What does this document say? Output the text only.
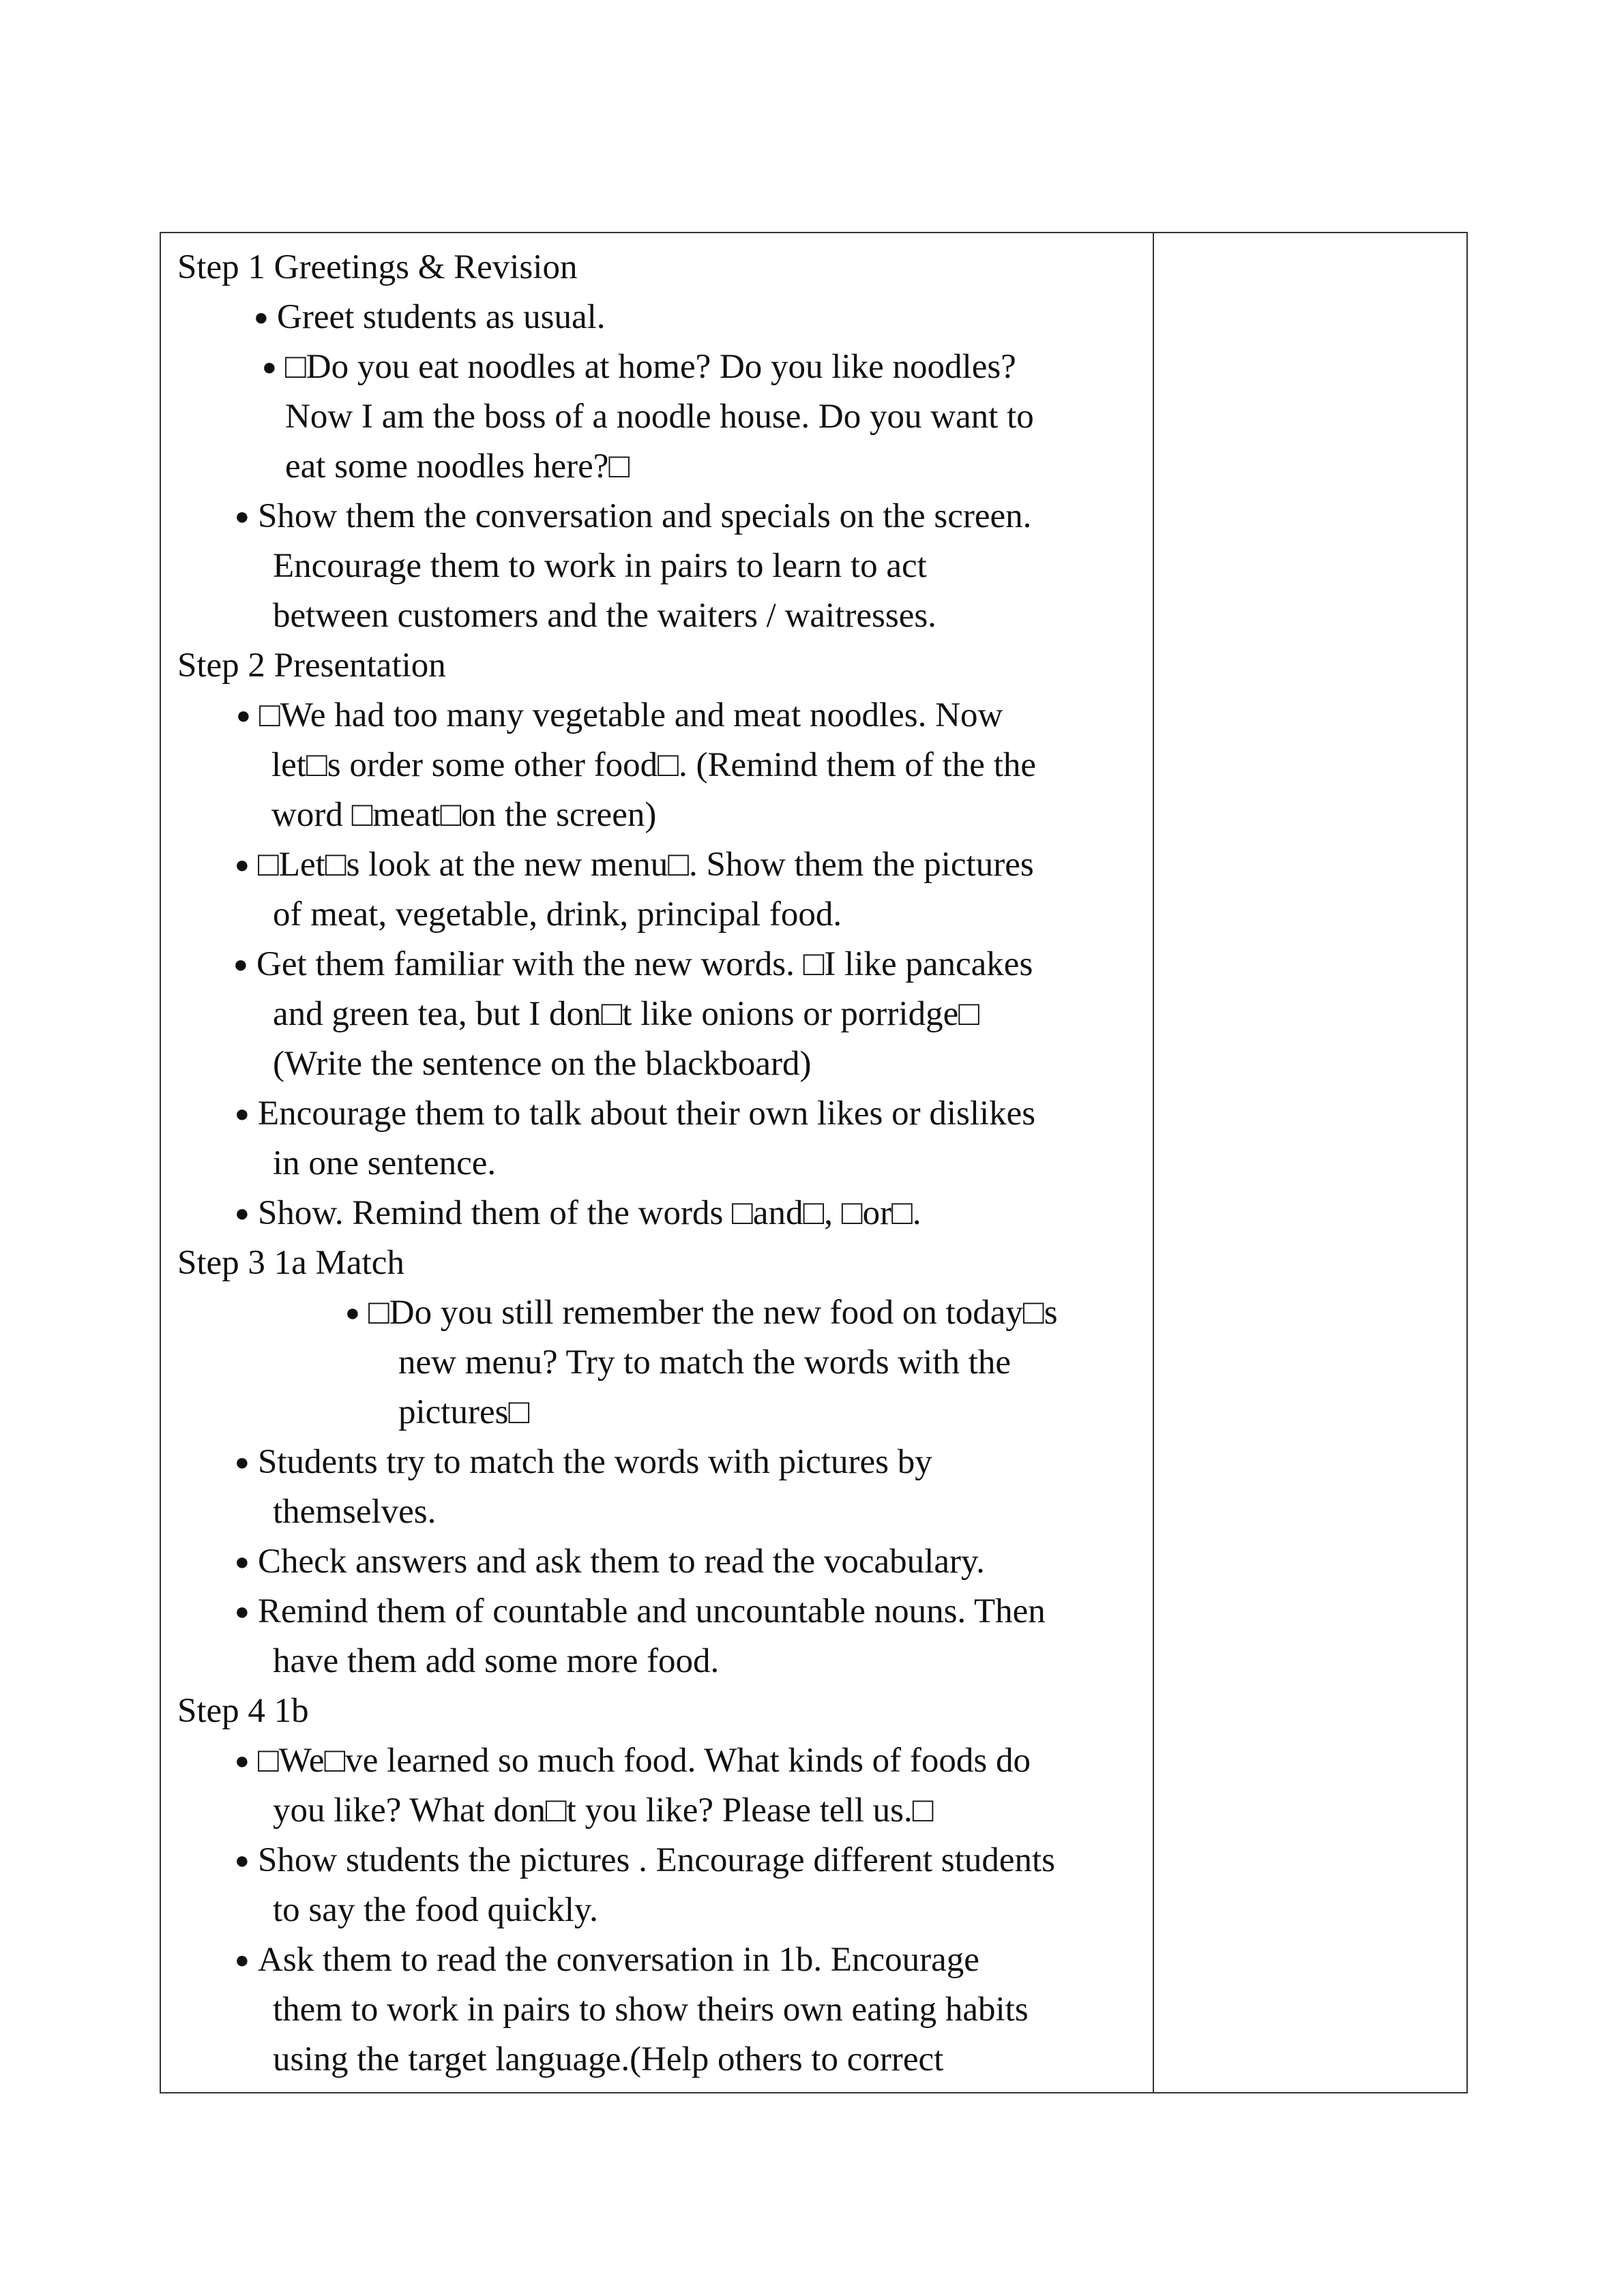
Step 1 Greetings & Revision
● Greet students as usual.
● □Do you eat noodles at home? Do you like noodles?
Now I am the boss of a noodle house. Do you want to
eat some noodles here?□
● Show them the conversation and specials on the screen.
Encourage them to work in pairs to learn to act
between customers and the waiters / waitresses.
Step 2 Presentation
● □We had too many vegetable and meat noodles. Now
let□s order some other food□. (Remind them of the the
word □meat□on the screen)
● □Let□s look at the new menu□. Show them the pictures
of meat, vegetable, drink, principal food.
● Get them familiar with the new words. □I like pancakes
and green tea, but I don□t like onions or porridge□
(Write the sentence on the blackboard)
● Encourage them to talk about their own likes or dislikes
in one sentence.
● Show. Remind them of the words □and□, □or□.
Step 3 1a Match
● □Do you still remember the new food on today□s
new menu? Try to match the words with the
pictures□
● Students try to match the words with pictures by
themselves.
● Check answers and ask them to read the vocabulary.
● Remind them of countable and uncountable nouns. Then
have them add some more food.
Step 4 1b
● □We□ve learned so much food. What kinds of foods do
you like? What don□t you like? Please tell us.□
● Show students the pictures . Encourage different students
to say the food quickly.
● Ask them to read the conversation in 1b. Encourage
them to work in pairs to show theirs own eating habits
using the target language.(Help others to correct
